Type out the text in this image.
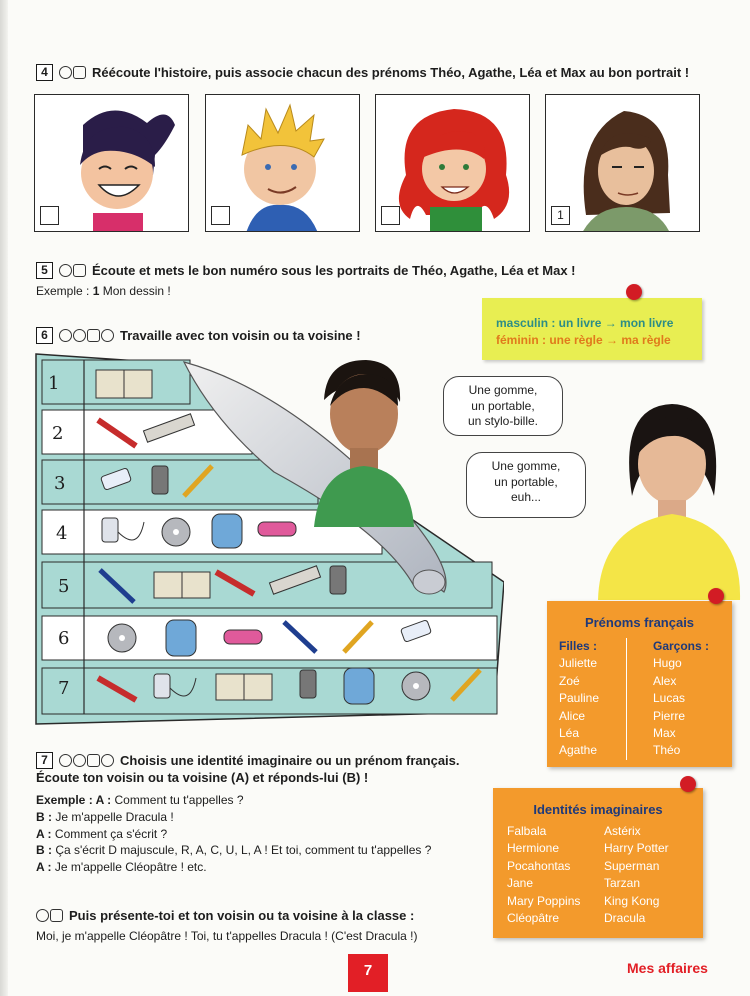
4	Réécoute l'histoire, puis associe chacun des prénoms Théo, Agathe, Léa et Max au bon portrait !
1
5	Écoute et mets le bon numéro sous les portraits de Théo, Agathe, Léa et Max !
Exemple : 1 Mon dessin !
masculin : un livre → mon livre
féminin : une règle → ma règle
6	Travaille avec ton voisin ou ta voisine !
1
2
3
4
5
6
7
Une gomme,
un portable,
un stylo-bille.
Une gomme,
un portable,
euh...
Prénoms français
Filles :
Juliette
Zoé
Pauline
Alice
Léa
Agathe
Garçons :
Hugo
Alex
Lucas
Pierre
Max
Théo
Identités imaginaires
Falbala
Hermione
Pocahontas
Jane
Mary Poppins
Cléopâtre
Astérix
Harry Potter
Superman
Tarzan
King Kong
Dracula
7	Choisis une identité imaginaire ou un prénom français.
Écoute ton voisin ou ta voisine (A) et réponds-lui (B) !
Exemple : A : Comment tu t'appelles ?
B : Je m'appelle Dracula !
A : Comment ça s'écrit ?
B : Ça s'écrit D majuscule, R, A, C, U, L, A ! Et toi, comment tu t'appelles ?
A : Je m'appelle Cléopâtre ! etc.
Puis présente-toi et ton voisin ou ta voisine à la classe :
Moi, je m'appelle Cléopâtre ! Toi, tu t'appelles Dracula ! (C'est Dracula !)
7	Mes affaires
